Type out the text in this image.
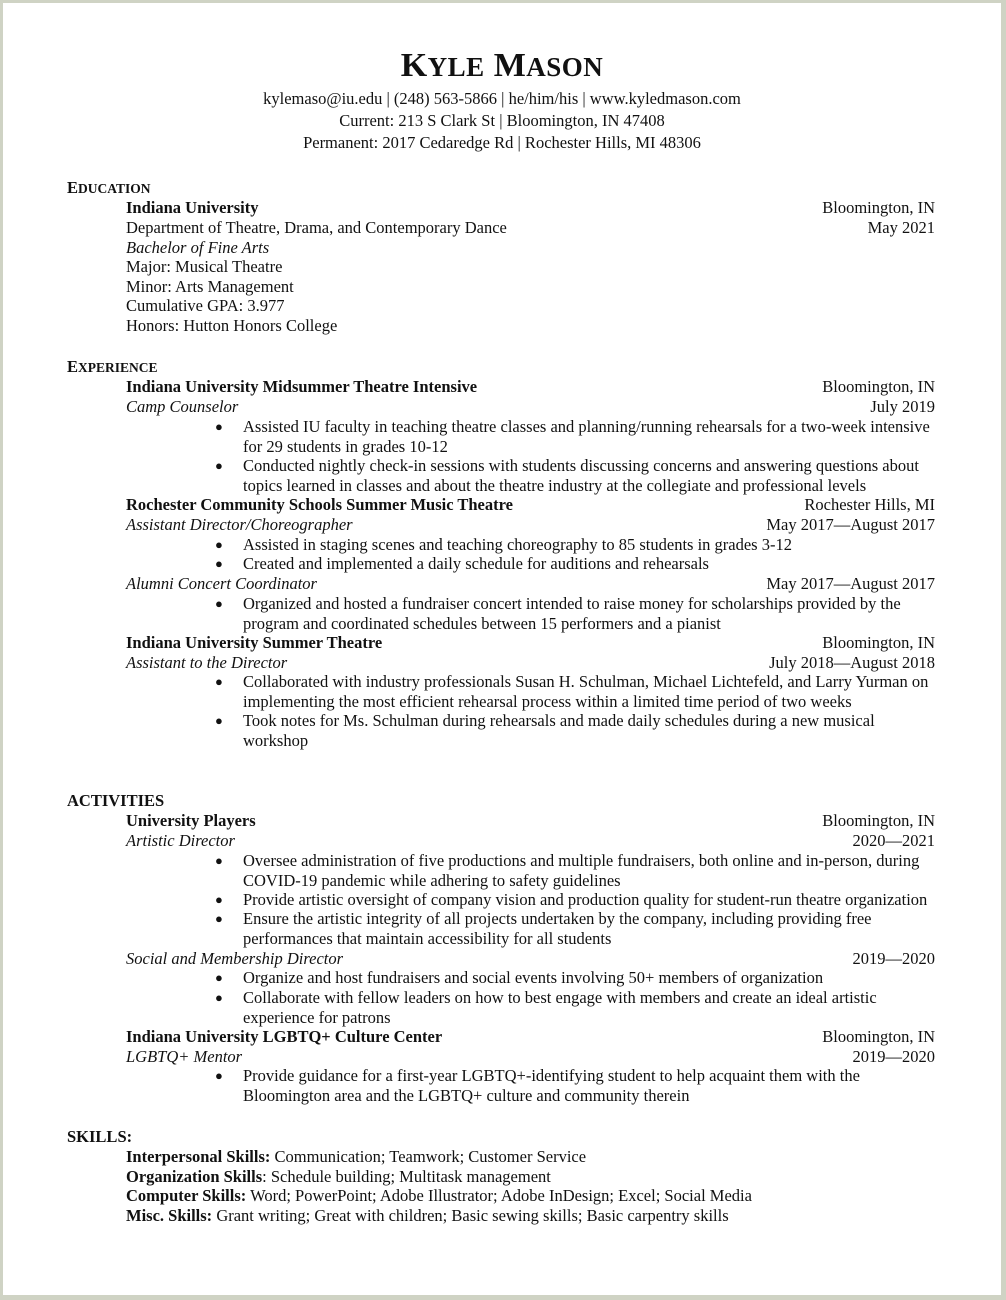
KYLE MASON
kylemaso@iu.edu | (248) 563-5866 | he/him/his | www.kyledmason.com
Current: 213 S Clark St | Bloomington, IN 47408
Permanent: 2017 Cedaredge Rd | Rochester Hills, MI 48306
EDUCATION
Indiana University	Bloomington, IN
Department of Theatre, Drama, and Contemporary Dance	May 2021
Bachelor of Fine Arts
Major: Musical Theatre
Minor: Arts Management
Cumulative GPA: 3.977
Honors: Hutton Honors College
EXPERIENCE
Indiana University Midsummer Theatre Intensive	Bloomington, IN
Camp Counselor	July 2019
● Assisted IU faculty in teaching theatre classes and planning/running rehearsals for a two-week intensive for 29 students in grades 10-12
● Conducted nightly check-in sessions with students discussing concerns and answering questions about topics learned in classes and about the theatre industry at the collegiate and professional levels
Rochester Community Schools Summer Music Theatre	Rochester Hills, MI
Assistant Director/Choreographer	May 2017—August 2017
● Assisted in staging scenes and teaching choreography to 85 students in grades 3-12
● Created and implemented a daily schedule for auditions and rehearsals
Alumni Concert Coordinator	May 2017—August 2017
● Organized and hosted a fundraiser concert intended to raise money for scholarships provided by the program and coordinated schedules between 15 performers and a pianist
Indiana University Summer Theatre	Bloomington, IN
Assistant to the Director	July 2018—August 2018
● Collaborated with industry professionals Susan H. Schulman, Michael Lichtefeld, and Larry Yurman on implementing the most efficient rehearsal process within a limited time period of two weeks
● Took notes for Ms. Schulman during rehearsals and made daily schedules during a new musical workshop
ACTIVITIES
University Players	Bloomington, IN
Artistic Director	2020—2021
● Oversee administration of five productions and multiple fundraisers, both online and in-person, during COVID-19 pandemic while adhering to safety guidelines
● Provide artistic oversight of company vision and production quality for student-run theatre organization
● Ensure the artistic integrity of all projects undertaken by the company, including providing free performances that maintain accessibility for all students
Social and Membership Director	2019—2020
● Organize and host fundraisers and social events involving 50+ members of organization
● Collaborate with fellow leaders on how to best engage with members and create an ideal artistic experience for patrons
Indiana University LGBTQ+ Culture Center	Bloomington, IN
LGBTQ+ Mentor	2019—2020
● Provide guidance for a first-year LGBTQ+-identifying student to help acquaint them with the Bloomington area and the LGBTQ+ culture and community therein
SKILLS:
Interpersonal Skills: Communication; Teamwork; Customer Service
Organization Skills: Schedule building; Multitask management
Computer Skills: Word; PowerPoint; Adobe Illustrator; Adobe InDesign; Excel; Social Media
Misc. Skills: Grant writing; Great with children; Basic sewing skills; Basic carpentry skills
